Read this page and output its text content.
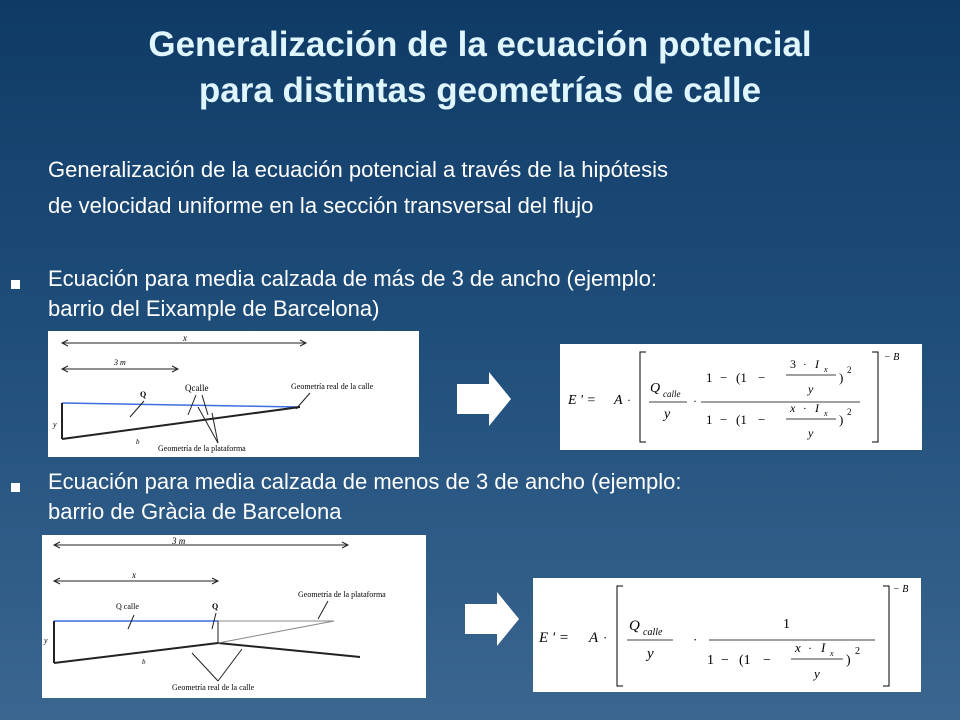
Generalización de la ecuación potencial
para distintas geometrías de calle
Generalización de la ecuación potencial a través de la hipótesis
de velocidad uniforme en la sección transversal del flujo
Ecuación para media calzada de más de 3 de ancho (ejemplo:
barrio del Eixample de Barcelona)
x
3 m
y
b
Q
Qcalle	Geometría real de la calle
Geometría de la plataforma
E ' = A ·
Q calle
y
·
1 − (1 −
3 · I x
y
) 2
1 − (1 −
x · I x
y
) 2
− B
Ecuación para media calzada de menos de 3 de ancho (ejemplo:
barrio de Gràcia de Barcelona
3 m
x
y
b
Q calle	Q
Geometría de la plataforma
Geometría real de la calle
E ' = A ·
Q calle
y
·
1
1 − (1 −
x · I x
y
)
2
− B
